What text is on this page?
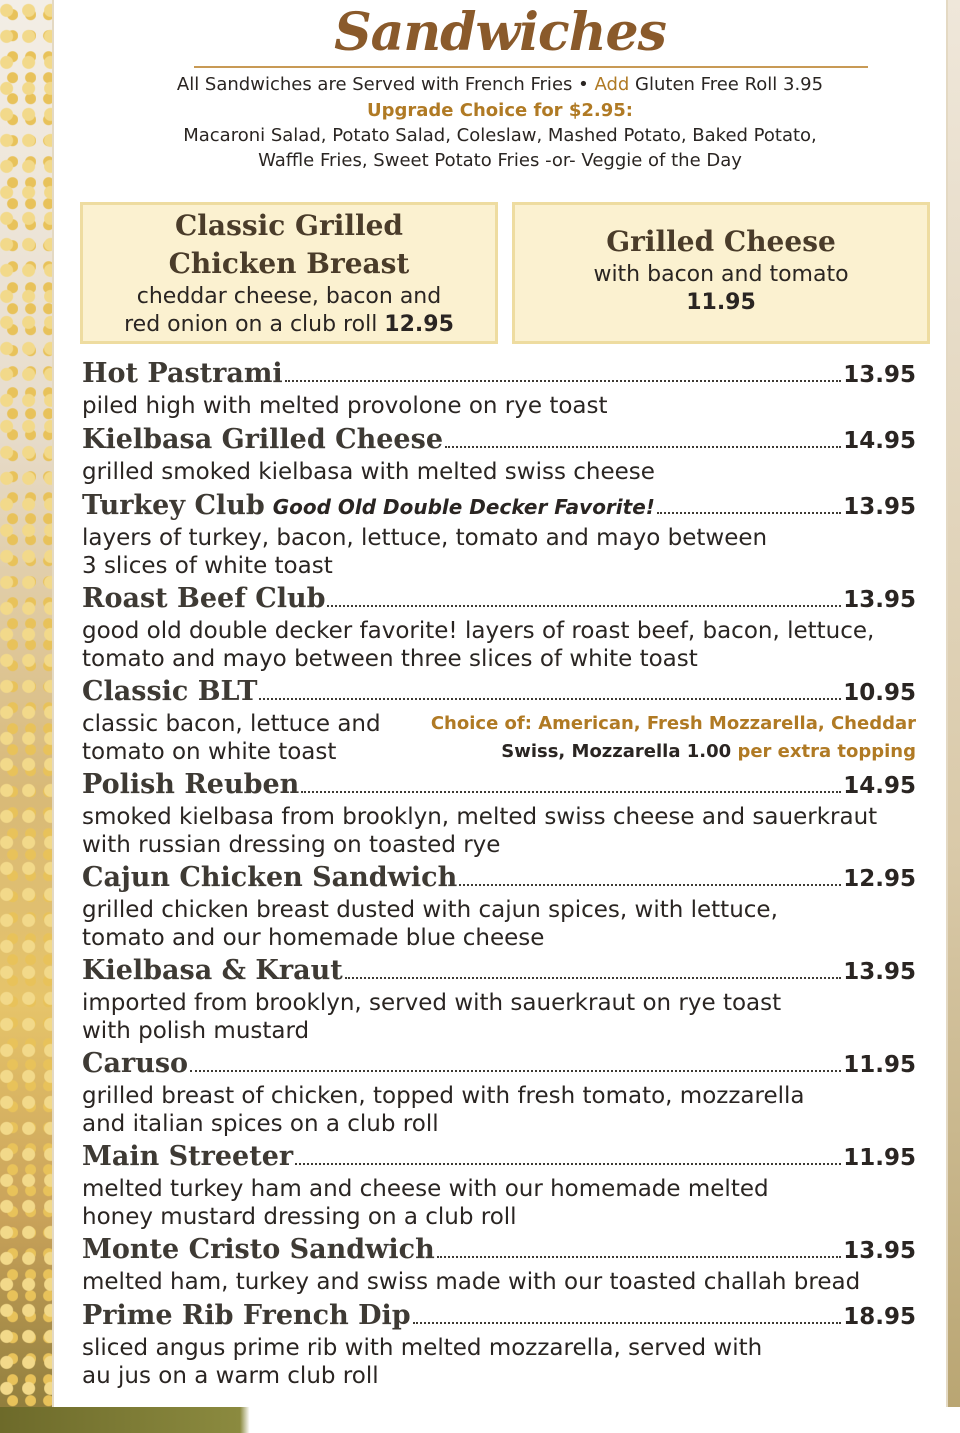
Sandwiches
All Sandwiches are Served with French Fries • Add Gluten Free Roll 3.95
Upgrade Choice for $2.95:
Macaroni Salad, Potato Salad, Coleslaw, Mashed Potato, Baked Potato,
Waffle Fries, Sweet Potato Fries -or- Veggie of the Day
Classic Grilled
Chicken Breast
cheddar cheese, bacon and
red onion on a club roll 12.95
Grilled Cheese
with bacon and tomato
11.95
Hot Pastrami	13.95
piled high with melted provolone on rye toast
Kielbasa Grilled Cheese	14.95
grilled smoked kielbasa with melted swiss cheese
Turkey Club Good Old Double Decker Favorite!	13.95
layers of turkey, bacon, lettuce, tomato and mayo between
3 slices of white toast
Roast Beef Club	13.95
good old double decker favorite! layers of roast beef, bacon, lettuce,
tomato and mayo between three slices of white toast
Classic BLT	10.95
classic bacon, lettuce and
tomato on white toast
Choice of: American, Fresh Mozzarella, Cheddar
Swiss, Mozzarella 1.00 per extra topping
Polish Reuben	14.95
smoked kielbasa from brooklyn, melted swiss cheese and sauerkraut
with russian dressing on toasted rye
Cajun Chicken Sandwich	12.95
grilled chicken breast dusted with cajun spices, with lettuce,
tomato and our homemade blue cheese
Kielbasa & Kraut	13.95
imported from brooklyn, served with sauerkraut on rye toast
with polish mustard
Caruso	11.95
grilled breast of chicken, topped with fresh tomato, mozzarella
and italian spices on a club roll
Main Streeter	11.95
melted turkey ham and cheese with our homemade melted
honey mustard dressing on a club roll
Monte Cristo Sandwich	13.95
melted ham, turkey and swiss made with our toasted challah bread
Prime Rib French Dip	18.95
sliced angus prime rib with melted mozzarella, served with
au jus on a warm club roll
